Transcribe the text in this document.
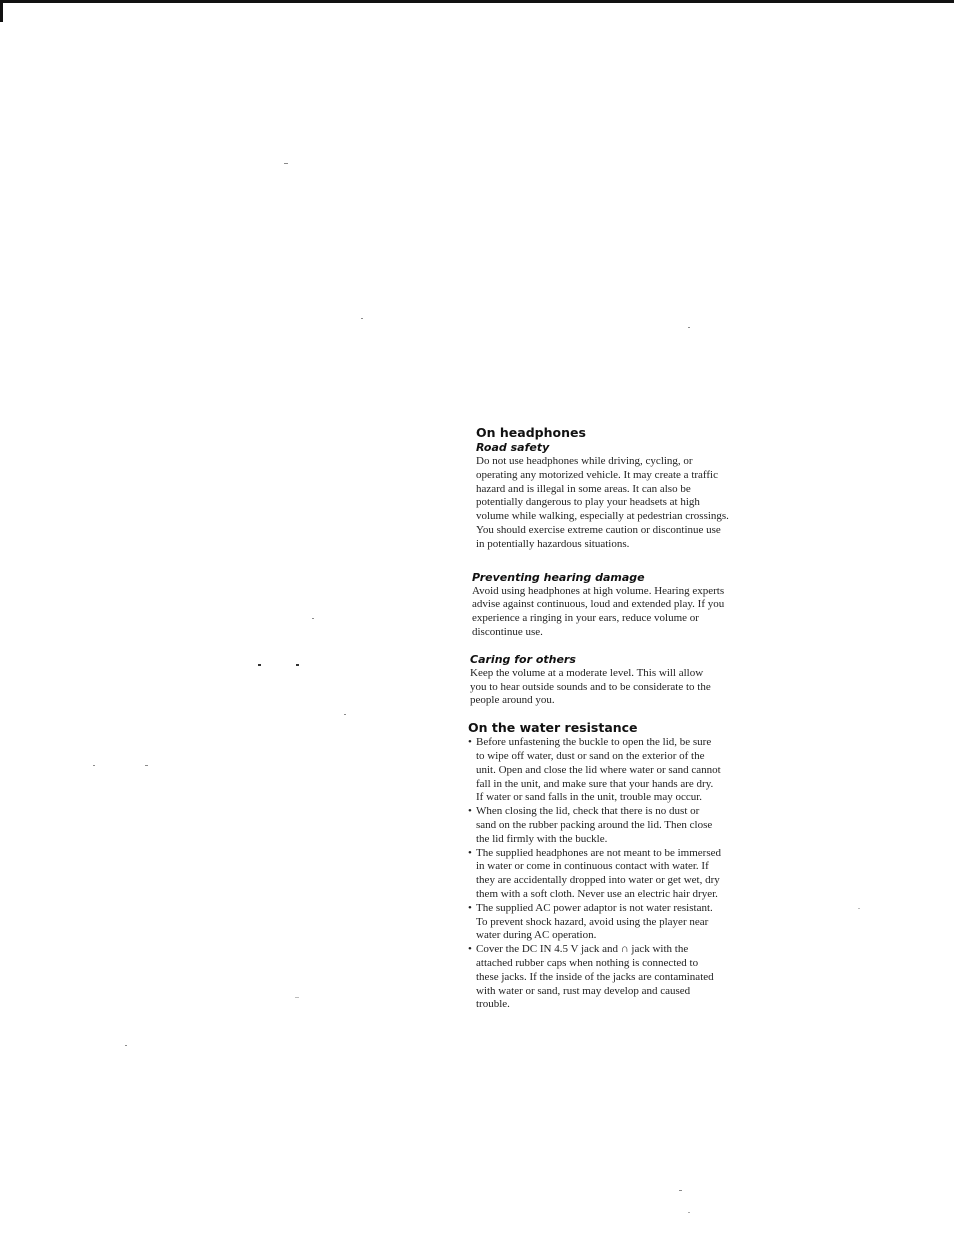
On headphones
Road safety

Do not use headphones while driving, cycling, or operating any motorized vehicle. It may create a traffic hazard and is illegal in some areas. It can also be potentially dangerous to play your headsets at high volume while walking, especially at pedestrian crossings. You should exercise extreme caution or discontinue use in potentially hazardous situations.

Preventing hearing damage

Avoid using headphones at high volume. Hearing experts advise against continuous, loud and extended play. If you experience a ringing in your ears, reduce volume or discontinue use.

Caring for others

Keep the volume at a moderate level. This will allow you to hear outside sounds and to be considerate to the people around you.

On the water resistance
• Before unfastening the buckle to open the lid, be sure to wipe off water, dust or sand on the exterior of the unit. Open and close the lid where water or sand cannot fall in the unit, and make sure that your hands are dry. If water or sand falls in the unit, trouble may occur.
• When closing the lid, check that there is no dust or sand on the rubber packing around the lid. Then close the lid firmly with the buckle.
• The supplied headphones are not meant to be immersed in water or come in continuous contact with water. If they are accidentally dropped into water or get wet, dry them with a soft cloth. Never use an electric hair dryer.
• The supplied AC power adaptor is not water resistant. To prevent shock hazard, avoid using the player near water during AC operation.
• Cover the DC IN 4.5 V jack and ∩ jack with the attached rubber caps when nothing is connected to these jacks. If the inside of the jacks are contaminated with water or sand, rust may develop and caused trouble.
